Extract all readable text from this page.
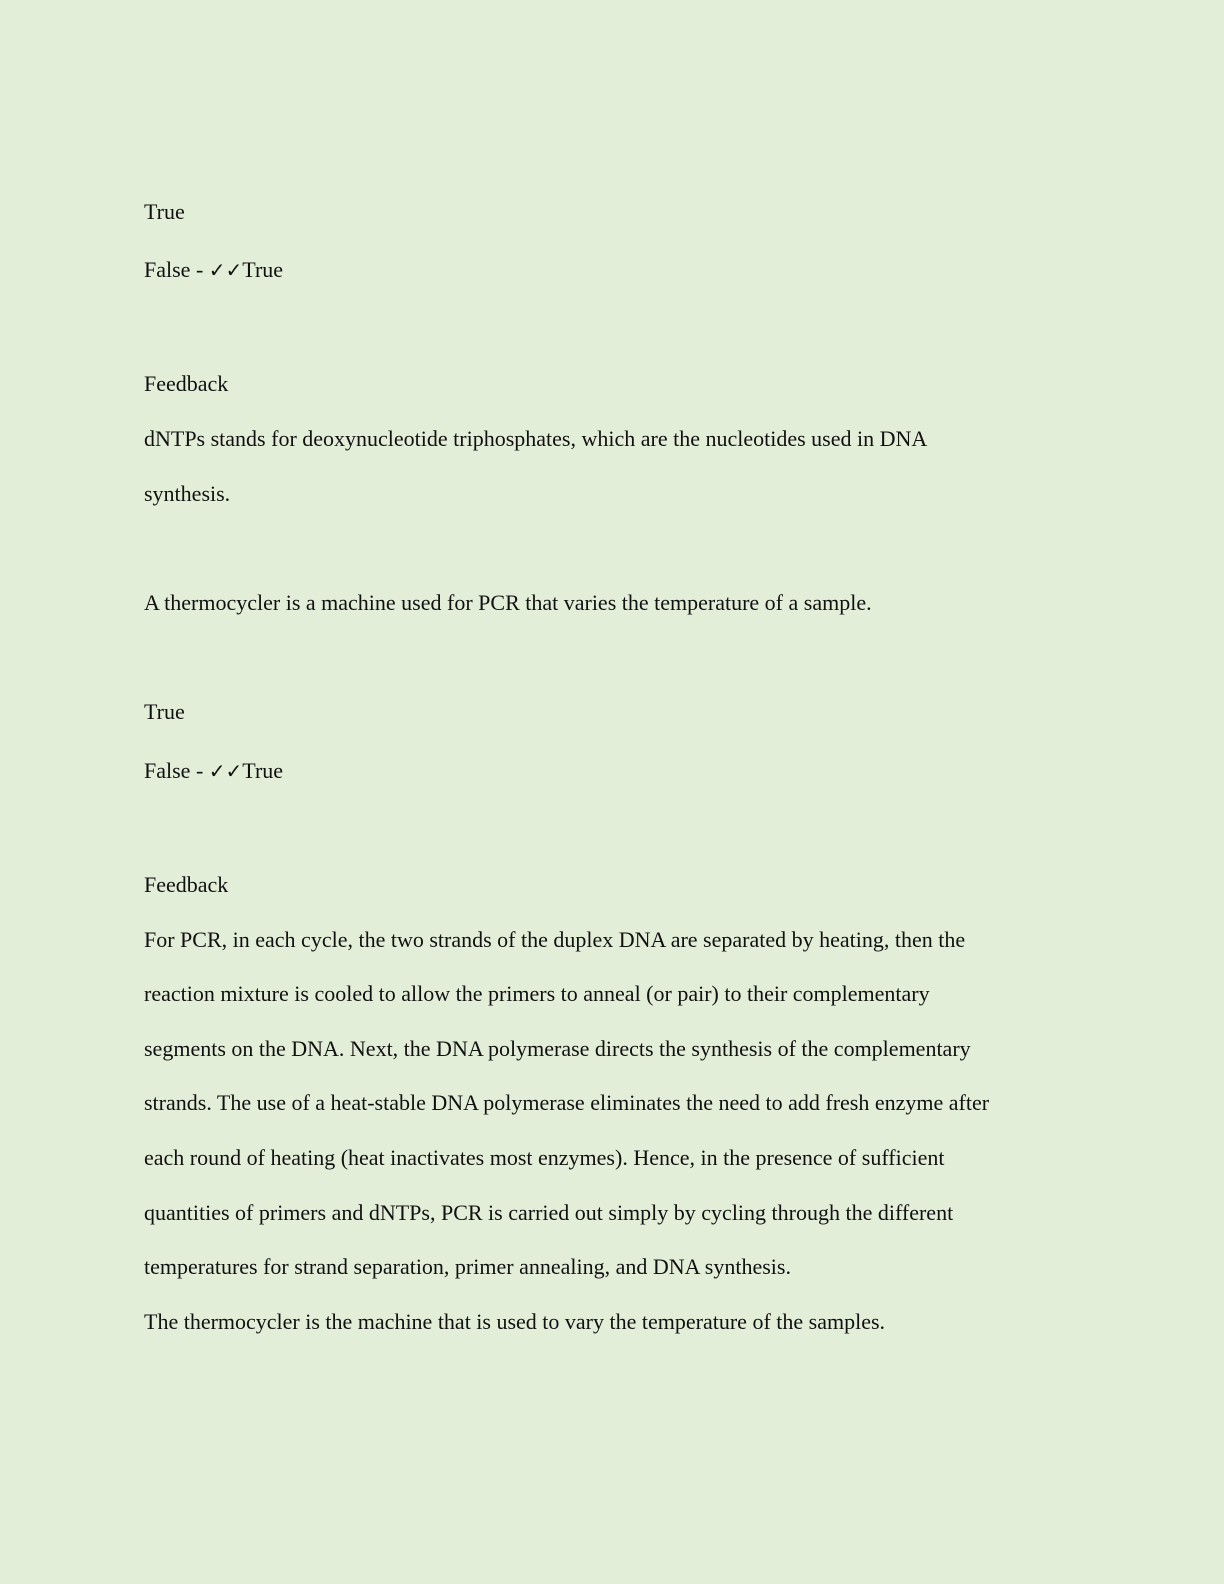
True

False - ✓✓True

Feedback

dNTPs stands for deoxynucleotide triphosphates, which are the nucleotides used in DNA

synthesis.

A thermocycler is a machine used for PCR that varies the temperature of a sample.

True

False - ✓✓True

Feedback

For PCR, in each cycle, the two strands of the duplex DNA are separated by heating, then the

reaction mixture is cooled to allow the primers to anneal (or pair) to their complementary

segments on the DNA. Next, the DNA polymerase directs the synthesis of the complementary

strands. The use of a heat-stable DNA polymerase eliminates the need to add fresh enzyme after

each round of heating (heat inactivates most enzymes). Hence, in the presence of sufficient

quantities of primers and dNTPs, PCR is carried out simply by cycling through the different

temperatures for strand separation, primer annealing, and DNA synthesis.

The thermocycler is the machine that is used to vary the temperature of the samples.
